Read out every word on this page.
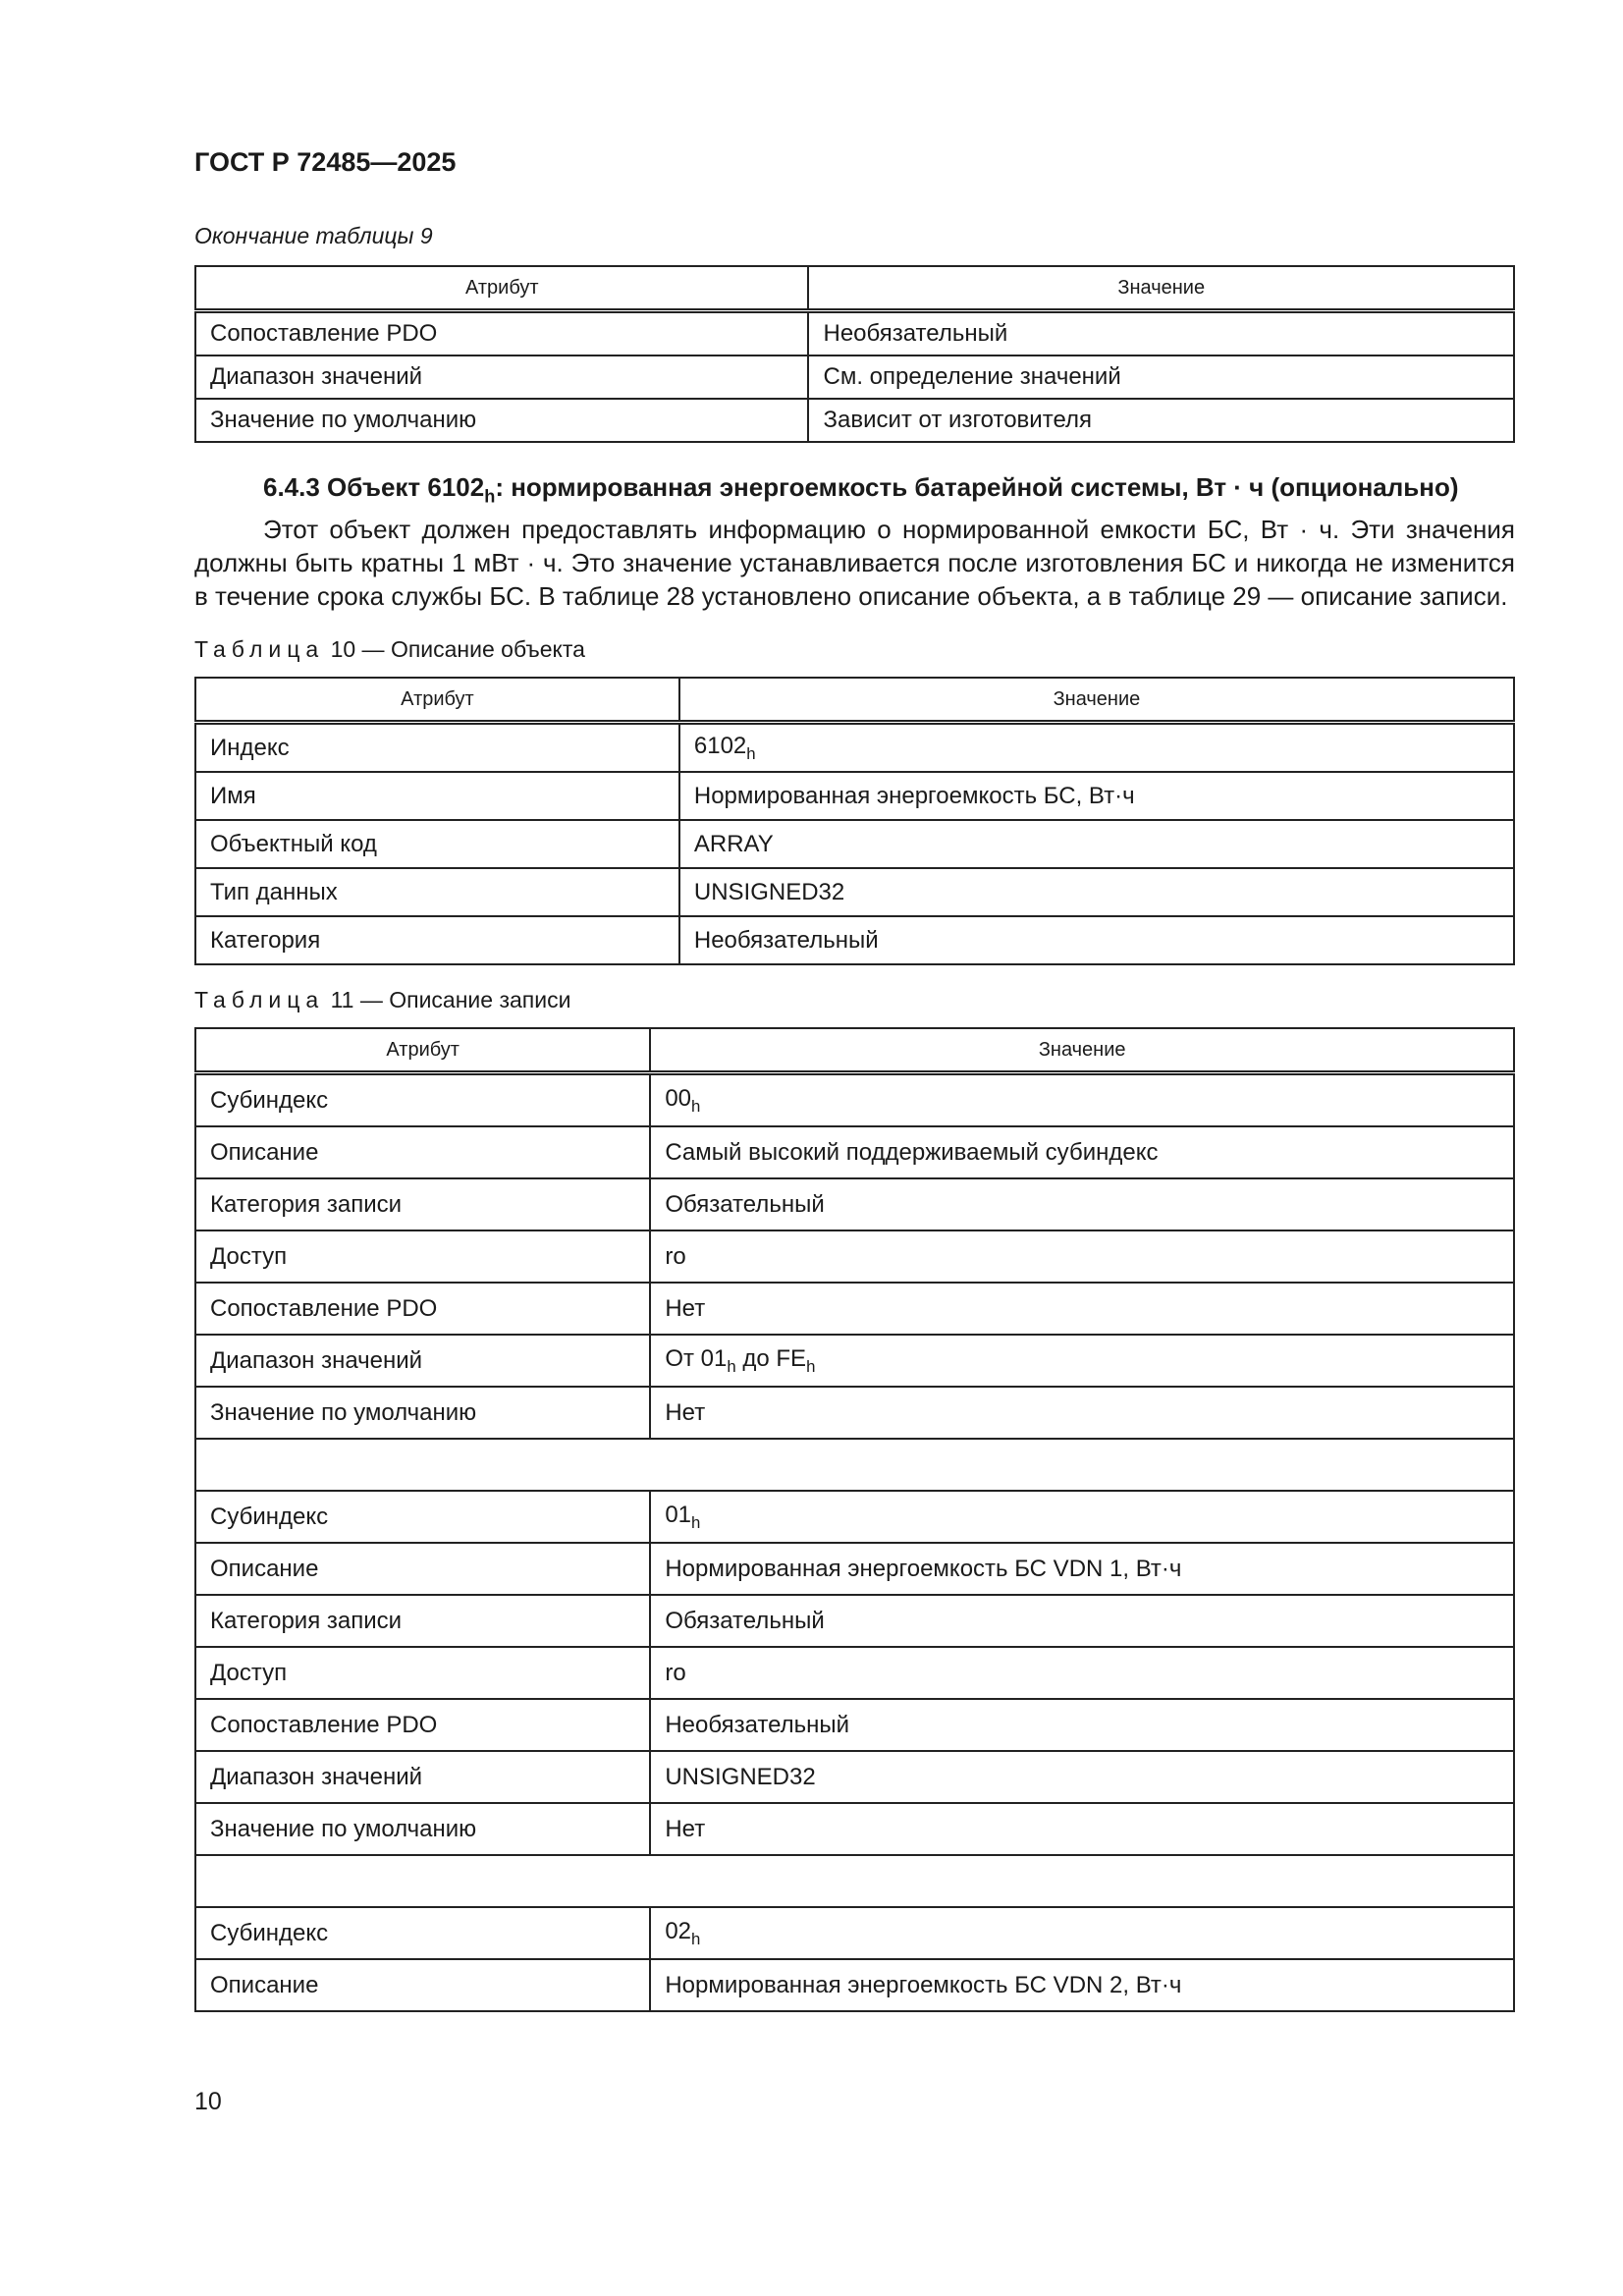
ГОСТ Р 72485—2025
Окончание таблицы 9
Атрибут	Значение
Сопоставление PDO	Необязательный
Диапазон значений	См. определение значений
Значение по умолчанию	Зависит от изготовителя

6.4.3 Объект $6102_h$: нормированная энергоемкость батарейной системы, Вт · ч (опционально)

Этот объект должен предоставлять информацию о нормированной емкости БС, Вт · ч. Эти значения должны быть кратны 1 мВт · ч. Это значение устанавливается после изготовления БС и никогда не изменится в течение срока службы БС. В таблице 28 установлено описание объекта, а в таблице 29 — описание записи.

Таблица 10 — Описание объекта
Атрибут	Значение
Индекс	$6102_h$
Имя	Нормированная энергоемкость БС, Вт·ч
Объектный код	ARRAY
Тип данных	UNSIGNED32
Категория	Необязательный
Таблица 11 — Описание записи
Атрибут	Значение
Субиндекс	$00_h$
Описание	Самый высокий поддерживаемый субиндекс
Категория записи	Обязательный
Доступ	ro
Сопоставление PDO	Нет
Диапазон значений	От $01_h$ до $FE_h$
Значение по умолчанию	Нет

Субиндекс	$01_h$
Описание	Нормированная энергоемкость БС VDN 1, Вт·ч
Категория записи	Обязательный
Доступ	ro
Сопоставление PDO	Необязательный
Диапазон значений	UNSIGNED32
Значение по умолчанию	Нет

Субиндекс	$02_h$
Описание	Нормированная энергоемкость БС VDN 2, Вт·ч
10
